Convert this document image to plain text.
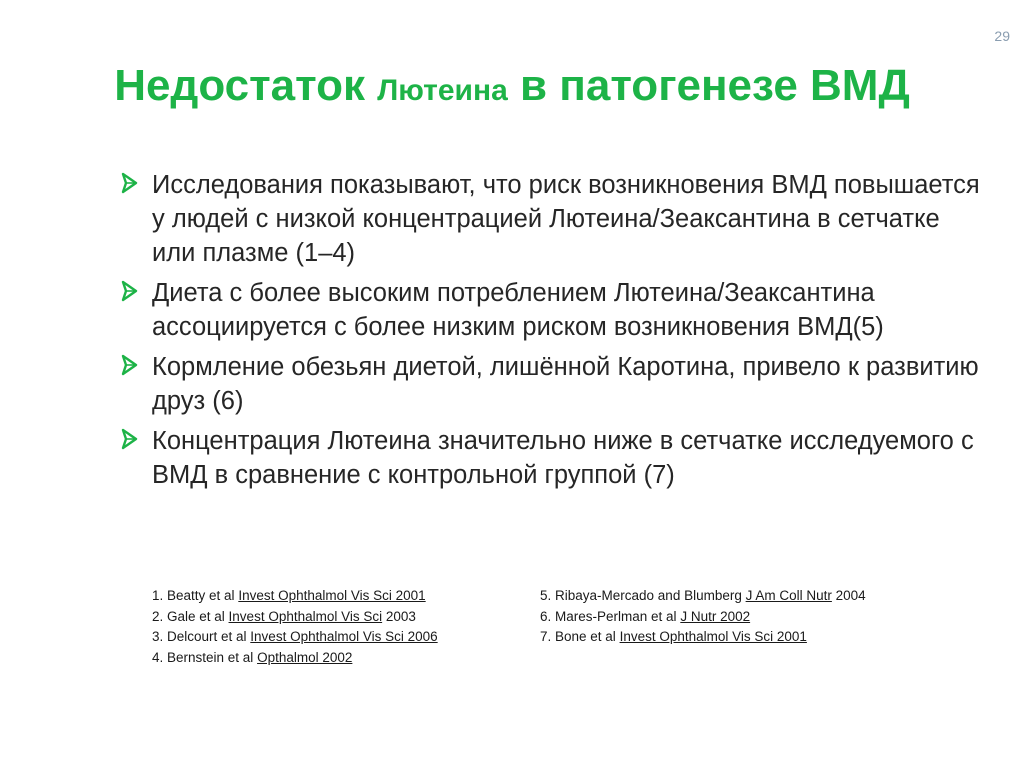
29
Недостаток Лютеина в патогенезе ВМД
Исследования показывают, что риск возникновения ВМД повышается у людей с низкой концентрацией Лютеина/Зеаксантина в сетчатке или плазме (1–4)
Диета с более высоким потреблением Лютеина/Зеаксантина ассоциируется с более низким риском возникновения ВМД(5)
Кормление обезьян диетой, лишённой Каротина, привело к развитию друз (6)
Концентрация Лютеина значительно ниже в сетчатке исследуемого с ВМД в сравнение с контрольной группой (7)
1. Beatty et al Invest Ophthalmol Vis Sci 2001
2. Gale et al Invest Ophthalmol Vis Sci 2003
3. Delcourt et al Invest Ophthalmol Vis Sci 2006
4. Bernstein et al Opthalmol 2002
5. Ribaya-Mercado and Blumberg J Am Coll Nutr 2004
6. Mares-Perlman et al J Nutr 2002
7. Bone et al Invest Ophthalmol Vis Sci 2001
